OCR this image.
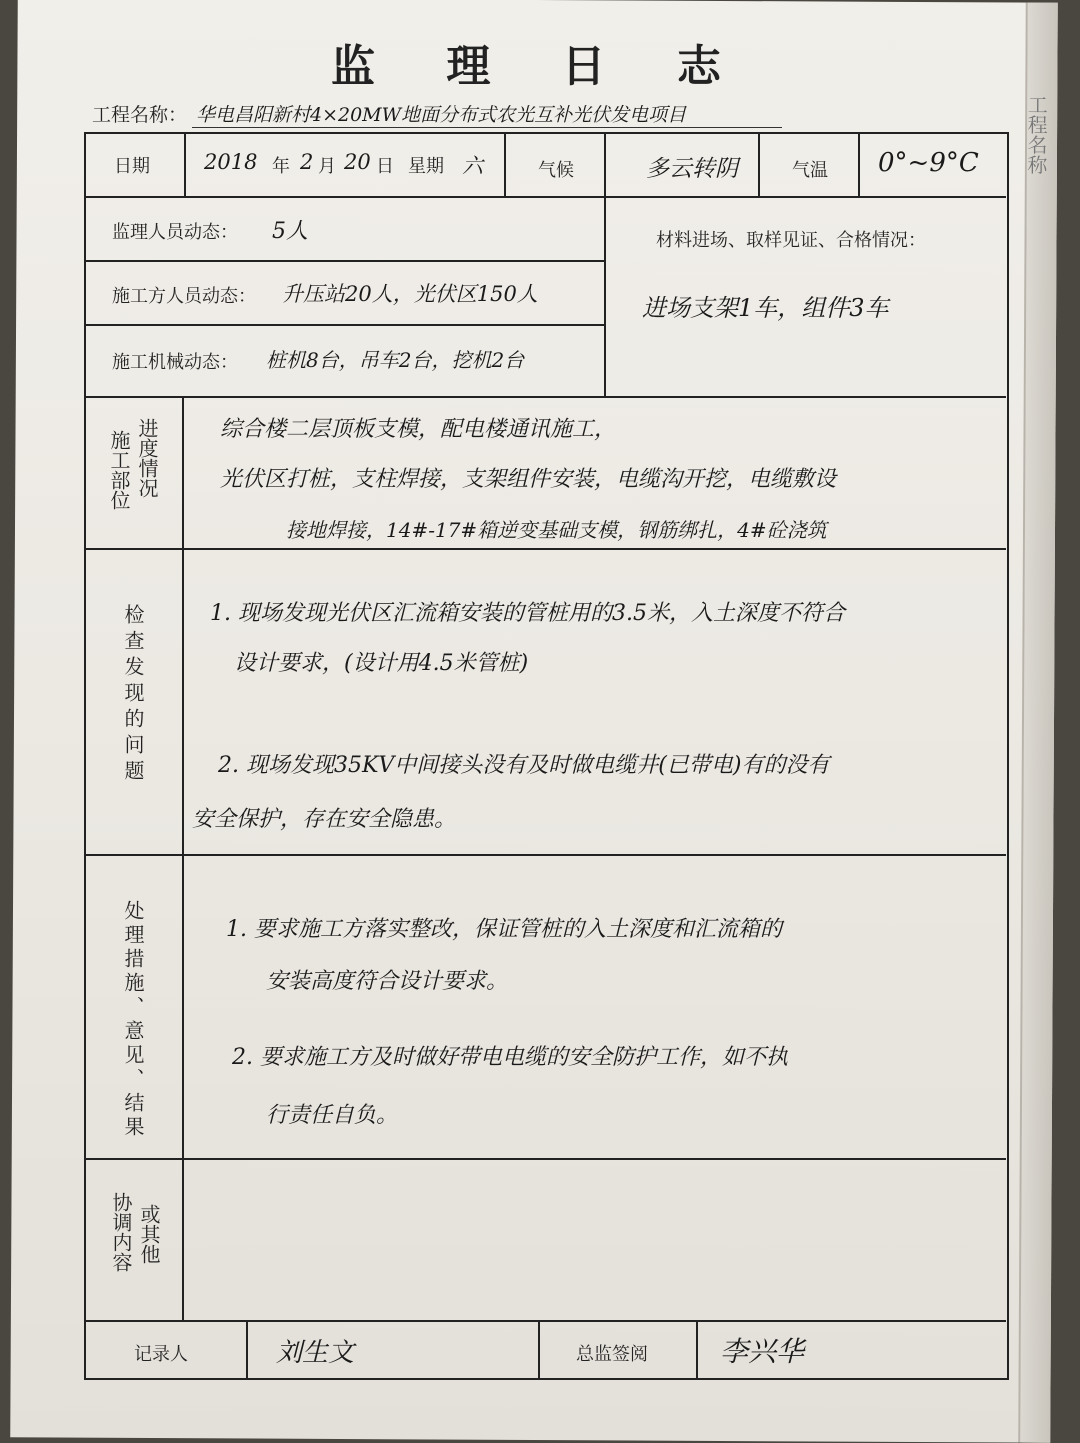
工程名称
监 理 日 志
工程名称： 华电昌阳新村4×20MW地面分布式农光互补光伏发电项目
日期	2018 年 2 月 20 日 星期 六	气候	多云转阴	气温 0°~9°C
监理人员动态： 5人
施工方人员动态： 升压站20人，光伏区150人
施工机械动态： 桩机8台，吊车2台，挖机2台
材料进场、取样见证、合格情况：
进场支架1车，组件3车
施工部位 进度情况	综合楼二层顶板支模，配电楼通讯施工，
光伏区打桩，支柱焊接，支架组件安装，电缆沟开挖，电缆敷设
接地焊接，14#-17#箱逆变基础支模，钢筋绑扎，4#砼浇筑
检查发现的问题	1. 现场发现光伏区汇流箱安装的管桩用的3.5米，入土深度不符合
设计要求，(设计用4.5米管桩)
2. 现场发现35KV中间接头没有及时做电缆井(已带电)有的没有
安全保护，存在安全隐患。
处理措施、意见、结果	1. 要求施工方落实整改，保证管桩的入土深度和汇流箱的
安装高度符合设计要求。
2. 要求施工方及时做好带电电缆的安全防护工作，如不执
行责任自负。
协调内容 或其他
记录人	刘生文	总监签阅	李兴华
